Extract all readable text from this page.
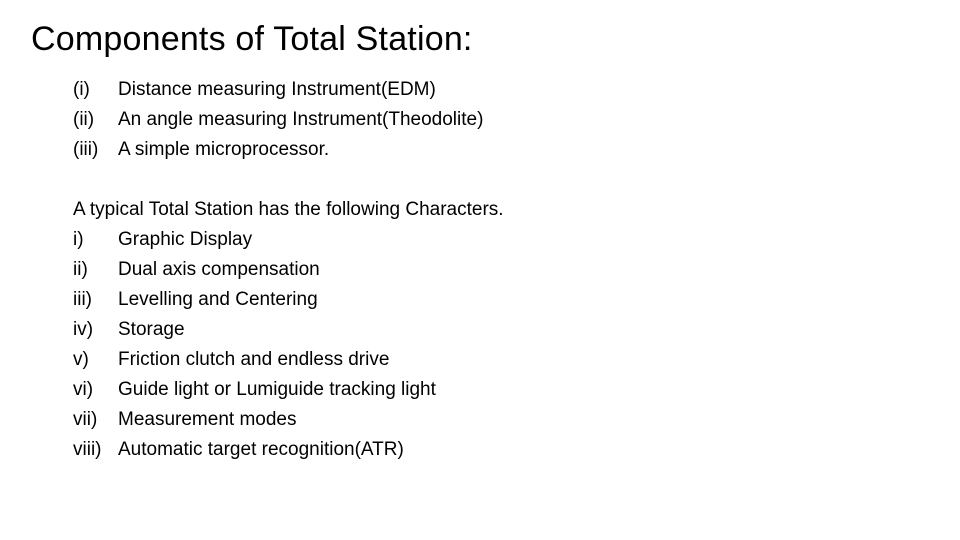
Components of Total Station:
(i)	Distance measuring Instrument(EDM)
(ii)	An angle measuring Instrument(Theodolite)
(iii)	A simple microprocessor.
A typical Total Station has the following Characters.
i)	Graphic Display
ii)	Dual axis compensation
iii)	Levelling and Centering
iv)	Storage
v)	Friction clutch and endless drive
vi)	Guide light or Lumiguide tracking light
vii)	Measurement modes
viii) Automatic target recognition(ATR)
